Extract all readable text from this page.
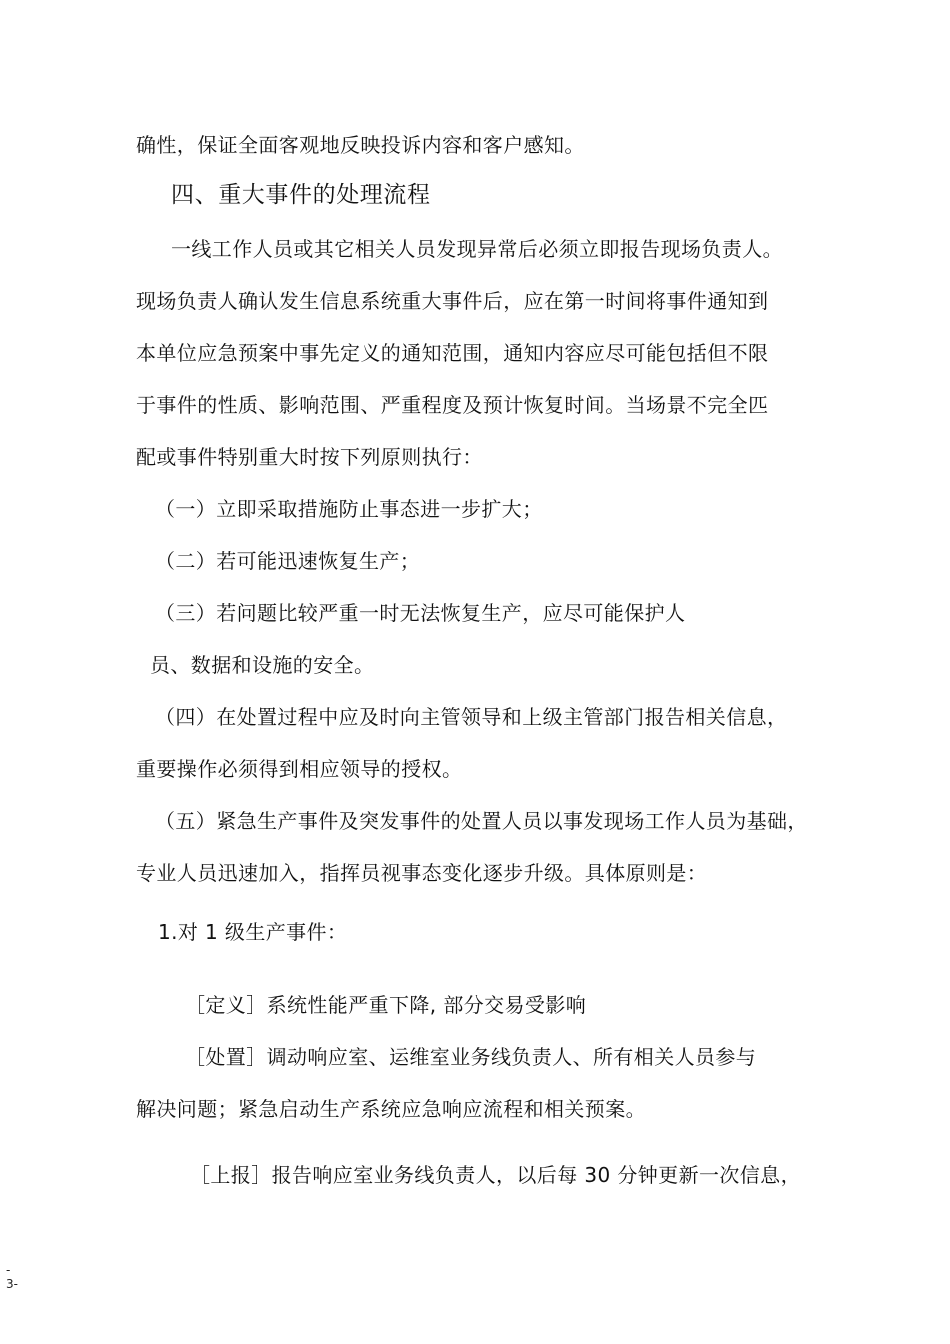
确性，保证全面客观地反映投诉内容和客户感知。
四、重大事件的处理流程
一线工作人员或其它相关人员发现异常后必须立即报告现场负责人。
现场负责人确认发生信息系统重大事件后，应在第一时间将事件通知到
本单位应急预案中事先定义的通知范围，通知内容应尽可能包括但不限
于事件的性质、影响范围、严重程度及预计恢复时间。当场景不完全匹
配或事件特别重大时按下列原则执行：
（一）立即采取措施防止事态进一步扩大；
（二）若可能迅速恢复生产；
（三）若问题比较严重一时无法恢复生产，应尽可能保护人
员、数据和设施的安全。
（四）在处置过程中应及时向主管领导和上级主管部门报告相关信息，
重要操作必须得到相应领导的授权。
（五）紧急生产事件及突发事件的处置人员以事发现场工作人员为基础，
专业人员迅速加入，指挥员视事态变化逐步升级。具体原则是：
1.对 1 级生产事件：
［定义］系统性能严重下降, 部分交易受影响
［处置］调动响应室、运维室业务线负责人、所有相关人员参与
解决问题；紧急启动生产系统应急响应流程和相关预案。
［上报］报告响应室业务线负责人，以后每 30 分钟更新一次信息，
-
3-
